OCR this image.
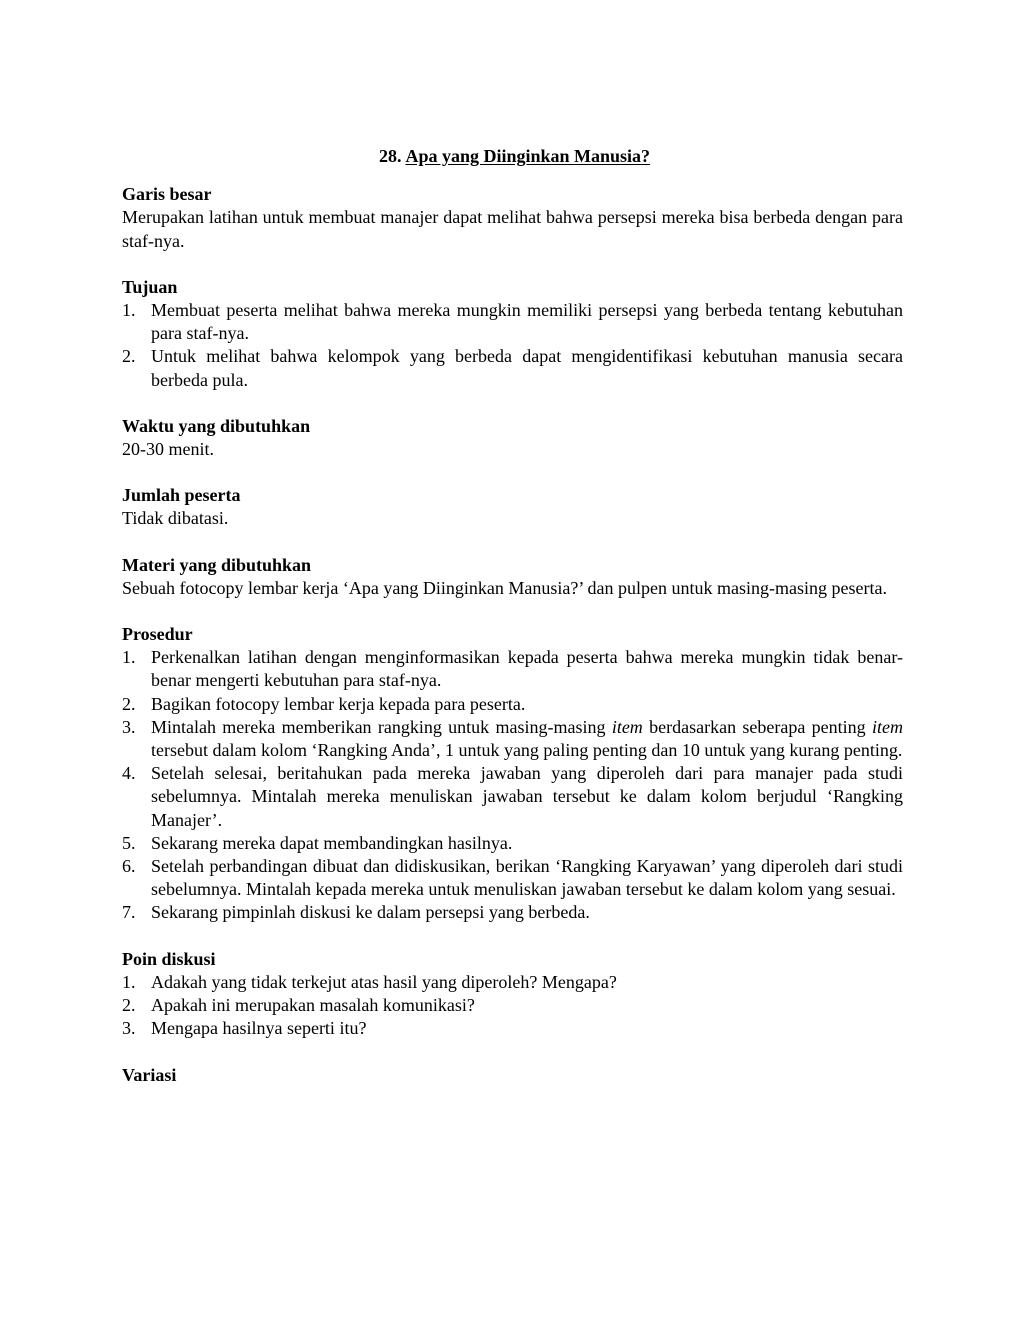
28. Apa yang Diinginkan Manusia?

Garis besar

Merupakan latihan untuk membuat manajer dapat melihat bahwa persepsi mereka bisa berbeda dengan para staf-nya.

Tujuan

1. Membuat peserta melihat bahwa mereka mungkin memiliki persepsi yang berbeda tentang kebutuhan para staf-nya.
2. Untuk melihat bahwa kelompok yang berbeda dapat mengidentifikasi kebutuhan manusia secara berbeda pula.

Waktu yang dibutuhkan

20-30 menit.

Jumlah peserta

Tidak dibatasi.

Materi yang dibutuhkan

Sebuah fotocopy lembar kerja ‘Apa yang Diinginkan Manusia?’ dan pulpen untuk masing-masing peserta.

Prosedur

1. Perkenalkan latihan dengan menginformasikan kepada peserta bahwa mereka mungkin tidak benar-benar mengerti kebutuhan para staf-nya.
2. Bagikan fotocopy lembar kerja kepada para peserta.
3. Mintalah mereka memberikan rangking untuk masing-masing item berdasarkan seberapa penting item tersebut dalam kolom ‘Rangking Anda’, 1 untuk yang paling penting dan 10 untuk yang kurang penting.
4. Setelah selesai, beritahukan pada mereka jawaban yang diperoleh dari para manajer pada studi sebelumnya. Mintalah mereka menuliskan jawaban tersebut ke dalam kolom berjudul ‘Rangking Manajer’.
5. Sekarang mereka dapat membandingkan hasilnya.
6. Setelah perbandingan dibuat dan didiskusikan, berikan ‘Rangking Karyawan’ yang diperoleh dari studi sebelumnya. Mintalah kepada mereka untuk menuliskan jawaban tersebut ke dalam kolom yang sesuai.
7. Sekarang pimpinlah diskusi ke dalam persepsi yang berbeda.

Poin diskusi

1. Adakah yang tidak terkejut atas hasil yang diperoleh? Mengapa?
2. Apakah ini merupakan masalah komunikasi?
3. Mengapa hasilnya seperti itu?

Variasi
